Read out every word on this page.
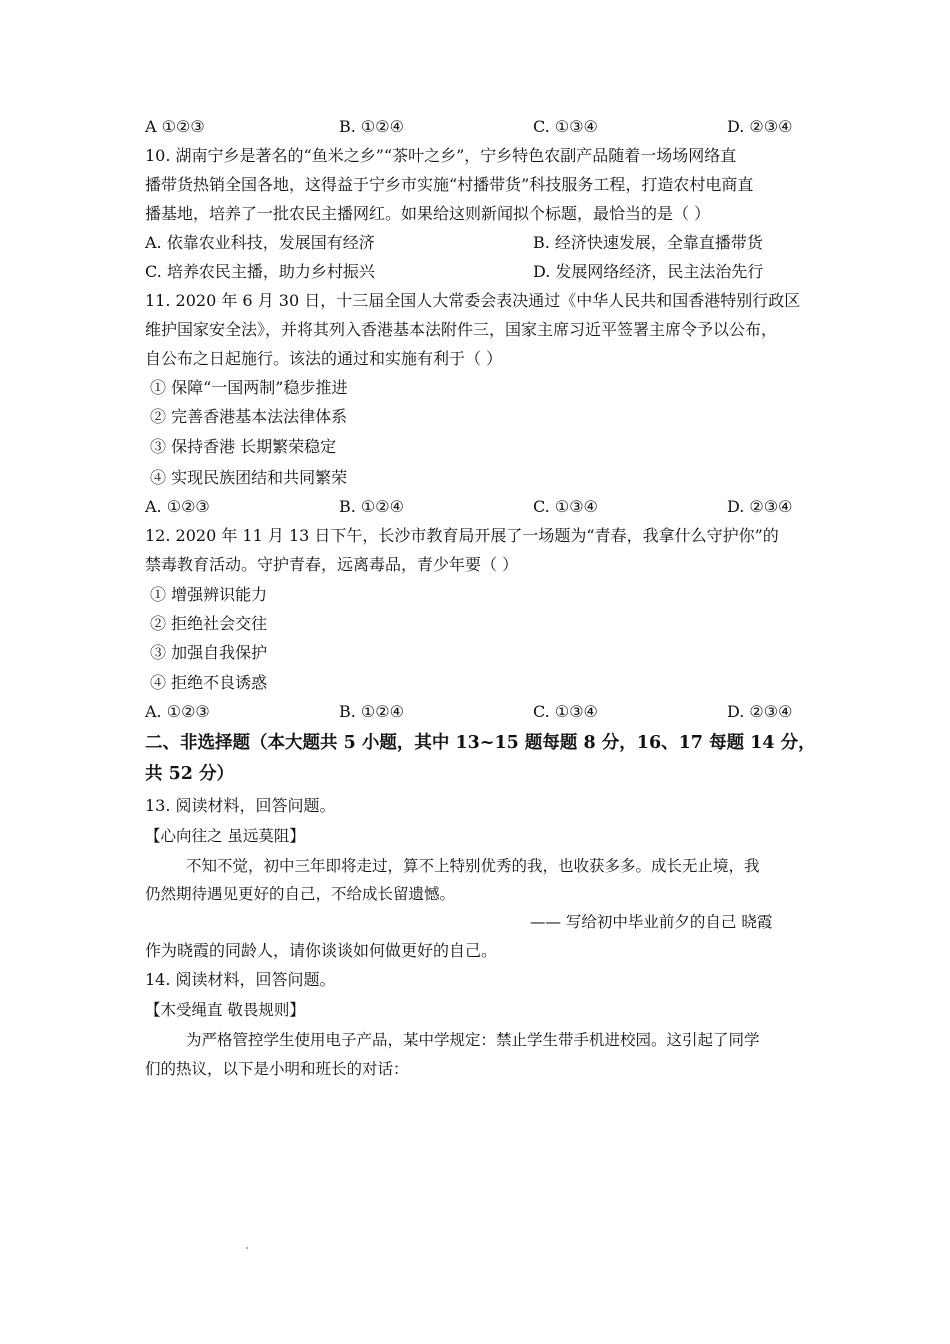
A ①②③	B. ①②④	C. ①③④	D. ②③④
10. 湖南宁乡是著名的“鱼米之乡”“茶叶之乡”，宁乡特色农副产品随着一场场网络直
播带货热销全国各地，这得益于宁乡市实施“村播带货”科技服务工程，打造农村电商直
播基地，培养了一批农民主播网红。如果给这则新闻拟个标题，最恰当的是（ ）
A. 依靠农业科技，发展国有经济	B. 经济快速发展，全靠直播带货
C. 培养农民主播，助力乡村振兴	D. 发展网络经济，民主法治先行
11. 2020 年 6 月 30 日，十三届全国人大常委会表决通过《中华人民共和国香港特别行政区
维护国家安全法》，并将其列入香港基本法附件三，国家主席习近平签署主席令予以公布，
自公布之日起施行。该法的通过和实施有利于（ ）
① 保障“一国两制”稳步推进
② 完善香港基本法法律体系
③ 保持香港 长期繁荣稳定
④ 实现民族团结和共同繁荣
A. ①②③	B. ①②④	C. ①③④	D. ②③④
12. 2020 年 11 月 13 日下午，长沙市教育局开展了一场题为“青春，我拿什么守护你”的
禁毒教育活动。守护青春，远离毒品，青少年要（ ）
① 增强辨识能力
② 拒绝社会交往
③ 加强自我保护
④ 拒绝不良诱惑
A. ①②③	B. ①②④	C. ①③④	D. ②③④
二、非选择题（本大题共 5 小题，其中 13~15 题每题 8 分，16、17 每题 14 分，
共 52 分）
13. 阅读材料，回答问题。
【心向往之 虽远莫阻】
不知不觉，初中三年即将走过，算不上特别优秀的我，也收获多多。成长无止境，我
仍然期待遇见更好的自己，不给成长留遗憾。
—— 写给初中毕业前夕的自己 晓霞
作为晓霞的同龄人，请你谈谈如何做更好的自己。
14. 阅读材料，回答问题。
【木受绳直 敬畏规则】
为严格管控学生使用电子产品，某中学规定：禁止学生带手机进校园。这引起了同学
们的热议，以下是小明和班长的对话：
